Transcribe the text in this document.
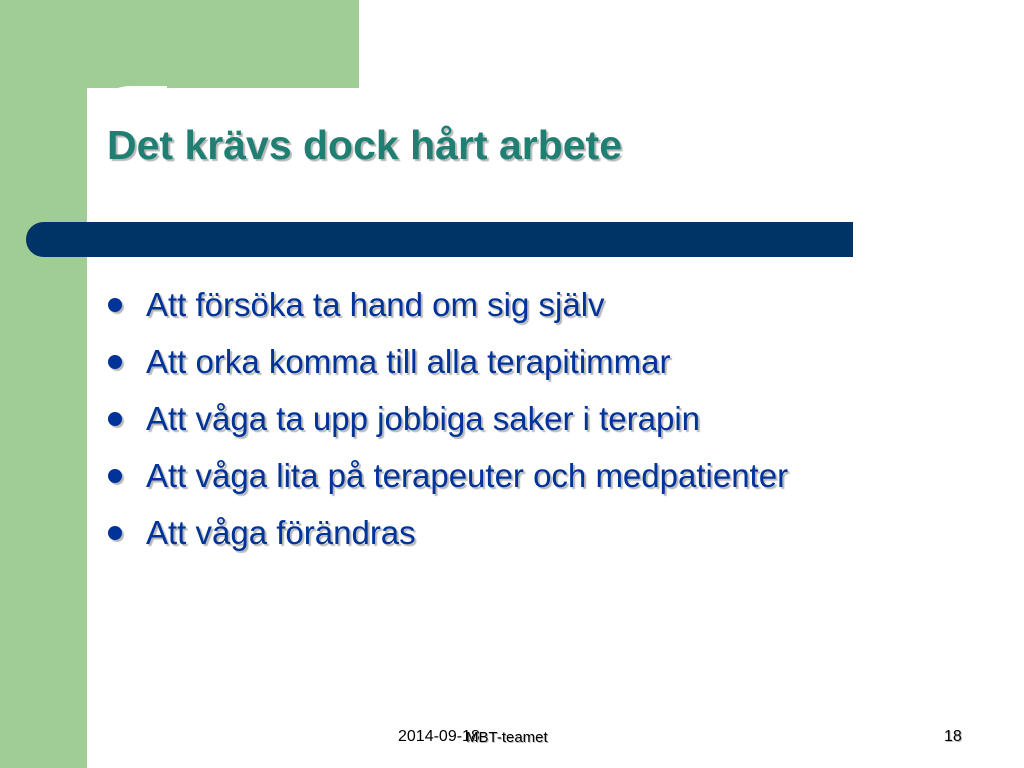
Det krävs dock hårt arbete
Att försöka ta hand om sig själv
Att orka komma till alla terapitimmar
Att våga ta upp jobbiga saker i terapin
Att våga lita på terapeuter och medpatienter
Att våga förändras
2014-09-18
MBT-teamet	18
